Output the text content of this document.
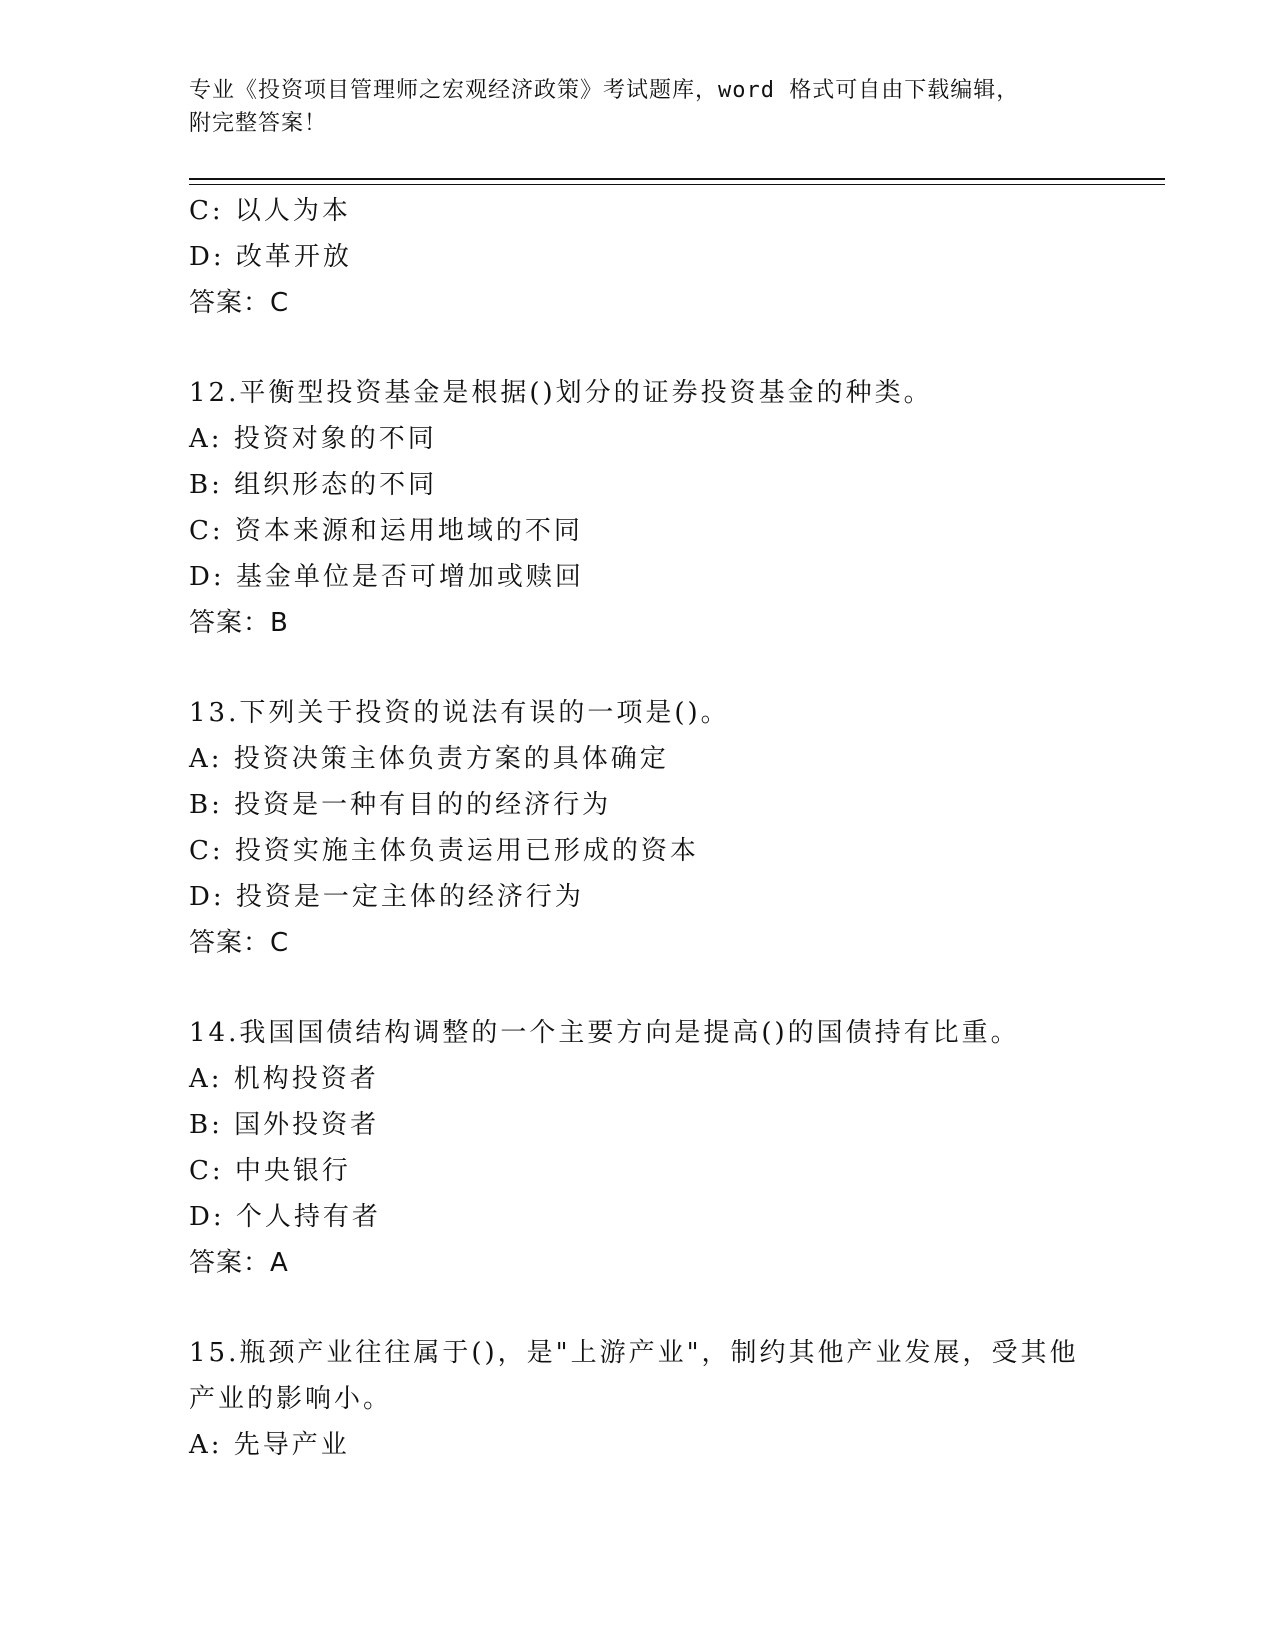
专业《投资项目管理师之宏观经济政策》考试题库，word 格式可自由下载编辑，
附完整答案！
C: 以人为本
D: 改革开放
答案：C
12.平衡型投资基金是根据()划分的证券投资基金的种类。
A: 投资对象的不同
B: 组织形态的不同
C: 资本来源和运用地域的不同
D: 基金单位是否可增加或赎回
答案：B
13.下列关于投资的说法有误的一项是()。
A: 投资决策主体负责方案的具体确定
B: 投资是一种有目的的经济行为
C: 投资实施主体负责运用已形成的资本
D: 投资是一定主体的经济行为
答案：C
14.我国国债结构调整的一个主要方向是提高()的国债持有比重。
A: 机构投资者
B: 国外投资者
C: 中央银行
D: 个人持有者
答案：A
15.瓶颈产业往往属于()，是"上游产业"，制约其他产业发展，受其他
产业的影响小。
A: 先导产业
